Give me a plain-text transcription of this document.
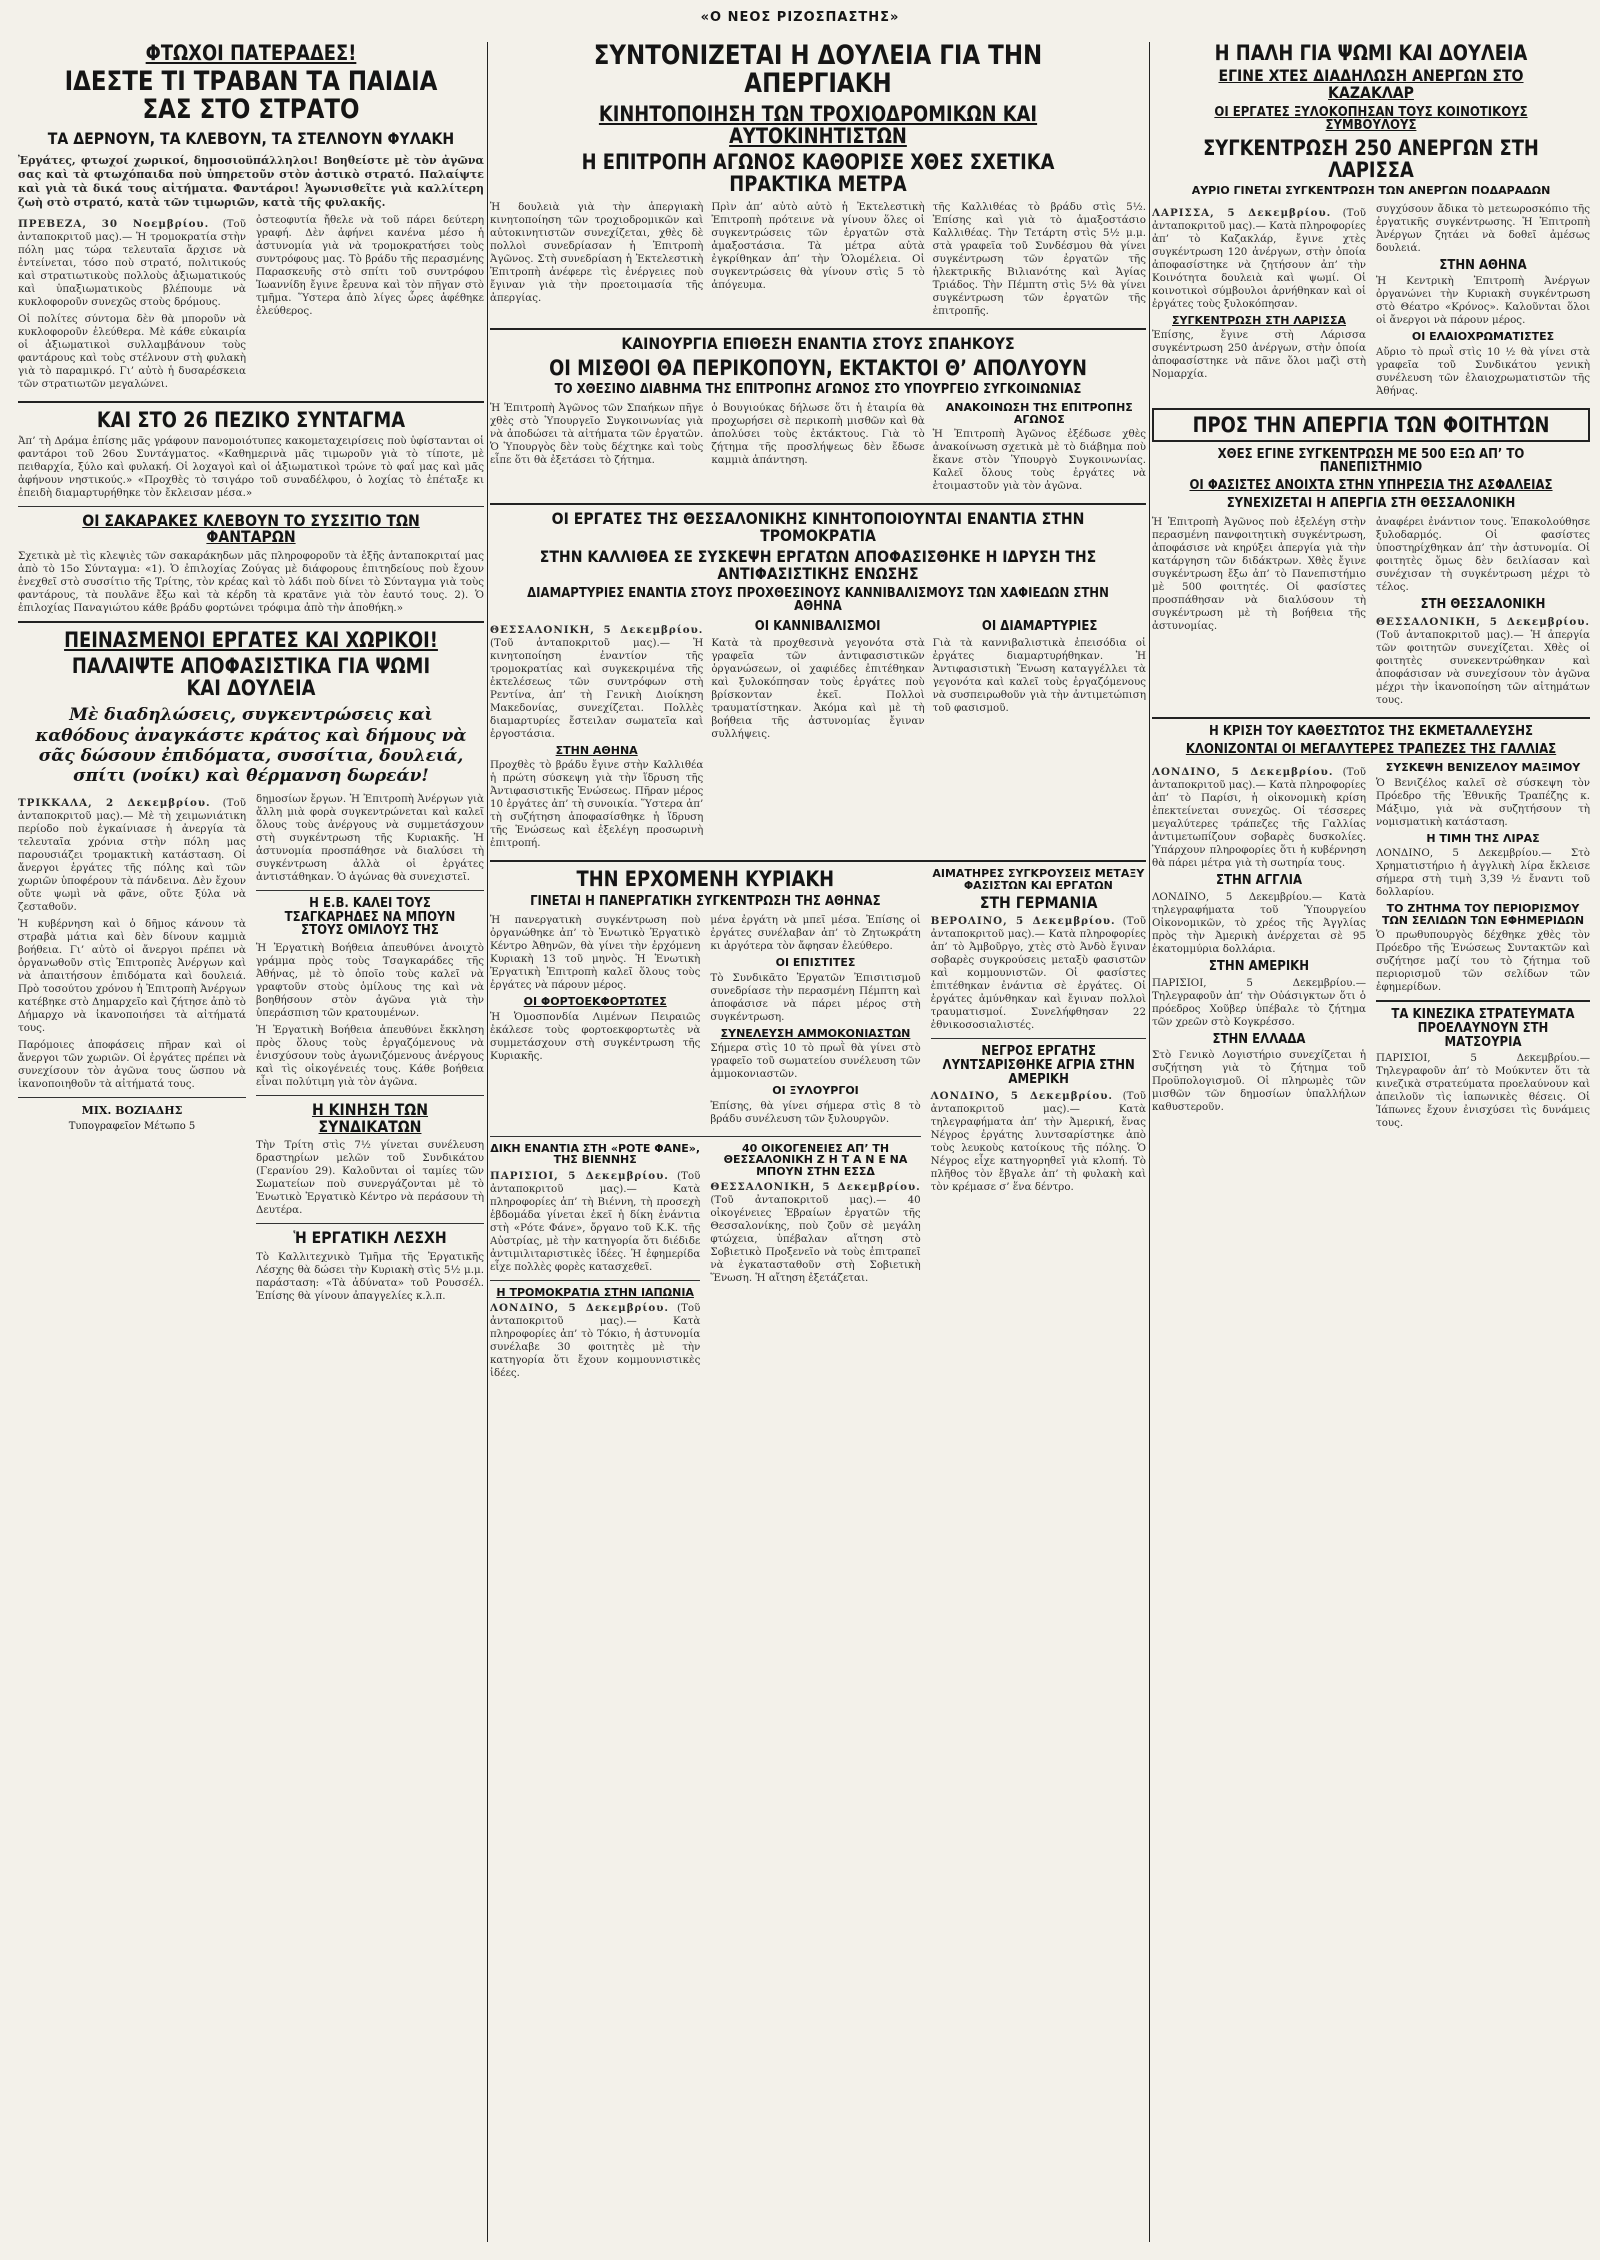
«Ο ΝΕΟΣ ΡΙΖΟΣΠΑΣΤΗΣ»
ΦΤΩΧΟΙ ΠΑΤΕΡΑΔΕΣ!
ΙΔΕΣΤΕ ΤΙ ΤΡΑΒΑΝ ΤΑ ΠΑΙΔΙΑ ΣΑΣ ΣΤΟ ΣΤΡΑΤΟ
ΤΑ ΔΕΡΝΟΥΝ, ΤΑ ΚΛΕΒΟΥΝ, ΤΑ ΣΤΕΛΝΟΥΝ ΦΥΛΑΚΗ

Ἐργάτες, φτωχοί χωρικοί, δημοσιοϋπάλληλοι! Βοηθείστε μὲ τὸν ἀγῶνα σας καὶ τὰ φτωχόπαιδα ποὺ ὑπηρετοῦν στὸν ἀστικὸ στρατό. Παλαίψτε καὶ γιὰ τὰ δικά τους αἰτήματα. Φαντάροι! Ἀγωνισθεῖτε γιὰ καλλίτερη ζωὴ στὸ στρατό, κατὰ τῶν τιμωριῶν, κατὰ τῆς φυλακῆς.

ΠΡΕΒΕΖΑ, 30 Νοεμβρίου. (Τοῦ ἀνταποκριτοῦ μας).— Ἡ τρομοκρατία στὴν πόλη μας τώρα τελευταῖα ἄρχισε νὰ ἐντείνεται, τόσο ποὺ στρατό, πολιτικούς καὶ στρατιωτικοὺς πολλοὺς ἀξιωματικούς καὶ ὑπαξιωματικοὺς βλέπουμε νὰ κυκλοφοροῦν συνεχῶς στοὺς δρόμους.

Οἱ πολίτες σύντομα δὲν θὰ μποροῦν νὰ κυκλοφοροῦν ἐλεύθερα. Μὲ κάθε εὐκαιρία οἱ ἀξιωματικοὶ συλλαμβάνουν τοὺς φαντάρους καὶ τοὺς στέλνουν στὴ φυλακὴ γιὰ τὸ παραμικρό. Γι’ αὐτὸ ἡ δυσαρέσκεια τῶν στρατιωτῶν μεγαλώνει.

ὀστεοφυτία ἤθελε νὰ τοῦ πάρει δεύτερη γραφή. Δὲν ἀφήνει κανένα μέσο ἡ ἀστυνομία γιὰ νὰ τρομοκρατήσει τοὺς συντρόφους μας. Τὸ βράδυ τῆς περασμένης Παρασκευῆς στὸ σπίτι τοῦ συντρόφου Ἰωαννίδη ἔγινε ἔρευνα καὶ τὸν πῆγαν στὸ τμῆμα. Ὕστερα ἀπὸ λίγες ὧρες ἀφέθηκε ἐλεύθερος.

ΚΑΙ ΣΤΟ 26 ΠΕΖΙΚΟ ΣΥΝΤΑΓΜΑ

Ἀπ’ τὴ Δράμα ἐπίσης μᾶς γράφουν πανομοιότυπες κακομεταχειρίσεις ποὺ ὑφίστανται οἱ φαντάροι τοῦ 26ου Συντάγματος. «Καθημερινὰ μᾶς τιμωροῦν γιὰ τὸ τίποτε, μὲ πειθαρχία, ξύλο καὶ φυλακή. Οἱ λοχαγοὶ καὶ οἱ ἀξιωματικοὶ τρώνε τὸ φαΐ μας καὶ μᾶς ἀφήνουν νηστικούς.» «Προχθὲς τὸ τσιγάρο τοῦ συναδέλφου, ὁ λοχίας τὸ ἐπέταξε κι ἐπειδὴ διαμαρτυρήθηκε τὸν ἔκλεισαν μέσα.»

ΟΙ ΣΑΚΑΡΑΚΕΣ ΚΛΕΒΟΥΝ ΤΟ ΣΥΣΣΙΤΙΟ ΤΩΝ ΦΑΝΤΑΡΩΝ

Σχετικὰ μὲ τὶς κλεψιὲς τῶν σακαράκηδων μᾶς πληροφοροῦν τὰ ἑξῆς ἀνταποκριταί μας ἀπὸ τὸ 15ο Σύνταγμα: «1). Ὁ ἐπιλοχίας Ζούγας μὲ διάφορους ἐπιτηδείους ποὺ ἔχουν ἐνεχθεῖ στὸ συσσίτιο τῆς Τρίτης, τὸν κρέας καὶ τὸ λάδι ποὺ δίνει τὸ Σύνταγμα γιὰ τοὺς φαντάρους, τὰ πουλᾶνε ἔξω καὶ τὰ κέρδη τὰ κρατᾶνε γιὰ τὸν ἑαυτό τους. 2). Ὁ ἐπιλοχίας Παναγιώτου κάθε βράδυ φορτώνει τρόφιμα ἀπὸ τὴν ἀποθήκη.»

ΠΕΙΝΑΣΜΕΝΟΙ ΕΡΓΑΤΕΣ ΚΑΙ ΧΩΡΙΚΟΙ!
ΠΑΛΑΙΨΤΕ ΑΠΟΦΑΣΙΣΤΙΚΑ ΓΙΑ ΨΩΜΙ ΚΑΙ ΔΟΥΛΕΙΑ
Μὲ διαδηλώσεις, συγκεντρώσεις καὶ καθόδους ἀναγκάστε κράτος καὶ δήμους νὰ σᾶς δώσουν ἐπιδόματα, συσσίτια, δουλειά, σπίτι (νοίκι) καὶ θέρμανση δωρεάν!

ΤΡΙΚΚΑΛΑ, 2 Δεκεμβρίου. (Τοῦ ἀνταποκριτοῦ μας).— Μὲ τὴ χειμωνιάτικη περίοδο ποὺ ἐγκαίνιασε ἡ ἀνεργία τὰ τελευταῖα χρόνια στὴν πόλη μας παρουσιάζει τρομακτικὴ κατάσταση. Οἱ ἄνεργοι ἐργάτες τῆς πόλης καὶ τῶν χωριῶν ὑποφέρουν τὰ πάνδεινα. Δὲν ἔχουν οὔτε ψωμὶ νὰ φᾶνε, οὔτε ξύλα νὰ ζεσταθοῦν.

Ἡ κυβέρνηση καὶ ὁ δῆμος κάνουν τὰ στραβὰ μάτια καὶ δὲν δίνουν καμμιὰ βοήθεια. Γι’ αὐτὸ οἱ ἄνεργοι πρέπει νὰ ὀργανωθοῦν στὶς Ἐπιτροπὲς Ἀνέργων καὶ νὰ ἀπαιτήσουν ἐπιδόματα καὶ δουλειά. Πρὸ τοσούτου χρόνου ἡ Ἐπιτροπὴ Ἀνέργων κατέβηκε στὸ Δημαρχεῖο καὶ ζήτησε ἀπὸ τὸ Δήμαρχο νὰ ἱκανοποιήσει τὰ αἰτήματά τους.

Παρόμοιες ἀποφάσεις πῆραν καὶ οἱ ἄνεργοι τῶν χωριῶν. Οἱ ἐργάτες πρέπει νὰ συνεχίσουν τὸν ἀγῶνα τους ὥσπου νὰ ἱκανοποιηθοῦν τὰ αἰτήματά τους.

ΜΙΧ. ΒΟΖΙΑΔΗΣ
Τυπογραφεῖον Μέτωπο 5

δημοσίων ἔργων. Ἡ Ἐπιτροπὴ Ἀνέργων γιὰ ἄλλη μιὰ φορὰ συγκεντρώνεται καὶ καλεῖ ὅλους τοὺς ἀνέργους νὰ συμμετάσχουν στὴ συγκέντρωση τῆς Κυριακῆς. Ἡ ἀστυνομία προσπάθησε νὰ διαλύσει τὴ συγκέντρωση ἀλλὰ οἱ ἐργάτες ἀντιστάθηκαν. Ὁ ἀγώνας θὰ συνεχιστεῖ.

Η Ε.Β. ΚΑΛΕΙ ΤΟΥΣ ΤΣΑΓΚΑΡΗΔΕΣ ΝΑ ΜΠΟΥΝ ΣΤΟΥΣ ΟΜΙΛΟΥΣ ΤΗΣ

Ἡ Ἐργατικὴ Βοήθεια ἀπευθύνει ἀνοιχτὸ γράμμα πρὸς τοὺς Τσαγκαράδες τῆς Ἀθήνας, μὲ τὸ ὁποῖο τοὺς καλεῖ νὰ γραφτοῦν στοὺς ὁμίλους της καὶ νὰ βοηθήσουν στὸν ἀγῶνα γιὰ τὴν ὑπεράσπιση τῶν κρατουμένων.

Ἡ Ἐργατικὴ Βοήθεια ἀπευθύνει ἔκκληση πρὸς ὅλους τοὺς ἐργαζόμενους νὰ ἐνισχύσουν τοὺς ἀγωνιζόμενους ἀνέργους καὶ τὶς οἰκογένειές τους. Κάθε βοήθεια εἶναι πολύτιμη γιὰ τὸν ἀγῶνα.

Η ΚΙΝΗΣΗ ΤΩΝ ΣΥΝΔΙΚΑΤΩΝ

Τὴν Τρίτη στὶς 7½ γίνεται συνέλευση δραστηρίων μελῶν τοῦ Συνδικάτου (Γερανίου 29). Καλοῦνται οἱ ταμίες τῶν Σωματείων ποὺ συνεργάζονται μὲ τὸ Ἑνωτικὸ Ἐργατικὸ Κέντρο νὰ περάσουν τὴ Δευτέρα.

Ἡ ΕΡΓΑΤΙΚΗ ΛΕΣΧΗ

Τὸ Καλλιτεχνικὸ Τμῆμα τῆς Ἐργατικῆς Λέσχης θὰ δώσει τὴν Κυριακὴ στὶς 5½ μ.μ. παράσταση: «Τὰ ἀδύνατα» τοῦ Ρουσσέλ. Ἐπίσης θὰ γίνουν ἀπαγγελίες κ.λ.π.

ΣΥΝΤΟΝΙΖΕΤΑΙ Η ΔΟΥΛΕΙΑ ΓΙΑ ΤΗΝ ΑΠΕΡΓΙΑΚΗ
ΚΙΝΗΤΟΠΟΙΗΣΗ ΤΩΝ ΤΡΟΧΙΟΔΡΟΜΙΚΩΝ ΚΑΙ ΑΥΤΟΚΙΝΗΤΙΣΤΩΝ
Η ΕΠΙΤΡΟΠΗ ΑΓΩΝΟΣ ΚΑΘΟΡΙΣΕ ΧΘΕΣ ΣΧΕΤΙΚΑ ΠΡΑΚΤΙΚΑ ΜΕΤΡΑ

Ἡ δουλειὰ γιὰ τὴν ἀπεργιακὴ κινητοποίηση τῶν τροχιοδρομικῶν καὶ αὐτοκινητιστῶν συνεχίζεται, χθὲς δὲ πολλοὶ συνεδρίασαν ἡ Ἐπιτροπὴ Ἀγῶνος. Στὴ συνεδρίαση ἡ Ἐκτελεστικὴ Ἐπιτροπὴ ἀνέφερε τὶς ἐνέργειες ποὺ ἔγιναν γιὰ τὴν προετοιμασία τῆς ἀπεργίας.

Πρὶν ἀπ’ αὐτὸ αὐτὸ ἡ Ἐκτελεστικὴ Ἐπιτροπὴ πρότεινε νὰ γίνουν ὅλες οἱ συγκεντρώσεις τῶν ἐργατῶν στὰ ἀμαξοστάσια. Τὰ μέτρα αὐτὰ ἐγκρίθηκαν ἀπ’ τὴν Ὁλομέλεια. Οἱ συγκεντρώσεις θὰ γίνουν στὶς 5 τὸ ἀπόγευμα.

τῆς Καλλιθέας τὸ βράδυ στὶς 5½. Ἐπίσης καὶ γιὰ τὸ ἀμαξοστάσιο Καλλιθέας. Τὴν Τετάρτη στὶς 5½ μ.μ. στὰ γραφεῖα τοῦ Συνδέσμου θὰ γίνει συγκέντρωση τῶν ἐργατῶν τῆς ἡλεκτρικῆς Βιλιανότης καὶ Ἁγίας Τριάδος. Τὴν Πέμπτη στὶς 5½ θὰ γίνει συγκέντρωση τῶν ἐργατῶν τῆς ἐπιτροπῆς.

ΚΑΙΝΟΥΡΓΙΑ ΕΠΙΘΕΣΗ ΕΝΑΝΤΙΑ ΣΤΟΥΣ ΣΠΑΗΚΟΥΣ
ΟΙ ΜΙΣΘΟΙ ΘΑ ΠΕΡΙΚΟΠΟΥΝ, ΕΚΤΑΚΤΟΙ Θ’ ΑΠΟΛΥΟΥΝ
ΤΟ ΧΘΕΣΙΝΟ ΔΙΑΒΗΜΑ ΤΗΣ ΕΠΙΤΡΟΠΗΣ ΑΓΩΝΟΣ ΣΤΟ ΥΠΟΥΡΓΕΙΟ ΣΥΓΚΟΙΝΩΝΙΑΣ

Ἡ Ἐπιτροπὴ Ἀγῶνος τῶν Σπαήκων πῆγε χθὲς στὸ Ὑπουργεῖο Συγκοινωνίας γιὰ νὰ ἀποδώσει τὰ αἰτήματα τῶν ἐργατῶν. Ὁ Ὑπουργὸς δὲν τοὺς δέχτηκε καὶ τοὺς εἶπε ὅτι θὰ ἐξετάσει τὸ ζήτημα.

ὁ Βουγιούκας δήλωσε ὅτι ἡ ἑταιρία θὰ προχωρήσει σὲ περικοπὴ μισθῶν καὶ θὰ ἀπολύσει τοὺς ἐκτάκτους. Γιὰ τὸ ζήτημα τῆς προσλήψεως δὲν ἔδωσε καμμιὰ ἀπάντηση.

ΑΝΑΚΟΙΝΩΣΗ ΤΗΣ ΕΠΙΤΡΟΠΗΣ ΑΓΩΝΟΣ

Ἡ Ἐπιτροπὴ Ἀγῶνος ἐξέδωσε χθὲς ἀνακοίνωση σχετικὰ μὲ τὸ διάβημα ποὺ ἔκανε στὸν Ὑπουργὸ Συγκοινωνίας. Καλεῖ ὅλους τοὺς ἐργάτες νὰ ἑτοιμαστοῦν γιὰ τὸν ἀγῶνα.

ΟΙ ΕΡΓΑΤΕΣ ΤΗΣ ΘΕΣΣΑΛΟΝΙΚΗΣ ΚΙΝΗΤΟΠΟΙΟΥΝΤΑΙ ΕΝΑΝΤΙΑ ΣΤΗΝ ΤΡΟΜΟΚΡΑΤΙΑ
ΣΤΗΝ ΚΑΛΛΙΘΕΑ ΣΕ ΣΥΣΚΕΨΗ ΕΡΓΑΤΩΝ ΑΠΟΦΑΣΙΣΘΗΚΕ Η ΙΔΡΥΣΗ ΤΗΣ ΑΝΤΙΦΑΣΙΣΤΙΚΗΣ ΕΝΩΣΗΣ
ΔΙΑΜΑΡΤΥΡΙΕΣ ΕΝΑΝΤΙΑ ΣΤΟΥΣ ΠΡΟΧΘΕΣΙΝΟΥΣ ΚΑΝΝΙΒΑΛΙΣΜΟΥΣ ΤΩΝ ΧΑΦΙΕΔΩΝ ΣΤΗΝ ΑΘΗΝΑ

ΘΕΣΣΑΛΟΝΙΚΗ, 5 Δεκεμβρίου. (Τοῦ ἀνταποκριτοῦ μας).— Ἡ κινητοποίηση ἐναντίον τῆς τρομοκρατίας καὶ συγκεκριμένα τῆς ἐκτελέσεως τῶν συντρόφων στὴ Ρεντίνα, ἀπ’ τὴ Γενικὴ Διοίκηση Μακεδονίας, συνεχίζεται. Πολλὲς διαμαρτυρίες ἔστειλαν σωματεῖα καὶ ἐργοστάσια.

ΣΤΗΝ ΑΘΗΝΑ

Προχθὲς τὸ βράδυ ἔγινε στὴν Καλλιθέα ἡ πρώτη σύσκεψη γιὰ τὴν ἵδρυση τῆς Ἀντιφασιστικῆς Ἑνώσεως. Πῆραν μέρος 10 ἐργάτες ἀπ’ τὴ συνοικία. Ὕστερα ἀπ’ τὴ συζήτηση ἀποφασίσθηκε ἡ ἵδρυση τῆς Ἑνώσεως καὶ ἐξελέγη προσωρινὴ ἐπιτροπή.

ΟΙ ΚΑΝΝΙΒΑΛΙΣΜΟΙ

Κατὰ τὰ προχθεσινὰ γεγονότα στὰ γραφεῖα τῶν ἀντιφασιστικῶν ὀργανώσεων, οἱ χαφιέδες ἐπιτέθηκαν καὶ ξυλοκόπησαν τοὺς ἐργάτες ποὺ βρίσκονταν ἐκεῖ. Πολλοὶ τραυματίστηκαν. Ἀκόμα καὶ μὲ τὴ βοήθεια τῆς ἀστυνομίας ἔγιναν συλλήψεις.

ΟΙ ΔΙΑΜΑΡΤΥΡΙΕΣ

Γιὰ τὰ καννιβαλιστικὰ ἐπεισόδια οἱ ἐργάτες διαμαρτυρήθηκαν. Ἡ Ἀντιφασιστικὴ Ἕνωση καταγγέλλει τὰ γεγονότα καὶ καλεῖ τοὺς ἐργαζόμενους νὰ συσπειρωθοῦν γιὰ τὴν ἀντιμετώπιση τοῦ φασισμοῦ.

ΤΗΝ ΕΡΧΟΜΕΝΗ ΚΥΡΙΑΚΗ
ΓΙΝΕΤΑΙ Η ΠΑΝΕΡΓΑΤΙΚΗ ΣΥΓΚΕΝΤΡΩΣΗ ΤΗΣ ΑΘΗΝΑΣ

Ἡ πανεργατικὴ συγκέντρωση ποὺ ὀργανώθηκε ἀπ’ τὸ Ἑνωτικὸ Ἐργατικὸ Κέντρο Ἀθηνῶν, θὰ γίνει τὴν ἐρχόμενη Κυριακὴ 13 τοῦ μηνὸς. Ἡ Ἑνωτικὴ Ἐργατικὴ Ἐπιτροπὴ καλεῖ ὅλους τοὺς ἐργάτες νὰ πάρουν μέρος.

ΟΙ ΦΟΡΤΟΕΚΦΟΡΤΩΤΕΣ

Ἡ Ὁμοσπονδία Λιμένων Πειραιῶς ἐκάλεσε τοὺς φορτοεκφορτωτὲς νὰ συμμετάσχουν στὴ συγκέντρωση τῆς Κυριακῆς.

μένα ἐργάτη νὰ μπεῖ μέσα. Ἐπίσης οἱ ἐργάτες συνέλαβαν ἀπ’ τὸ Ζητωκράτη κι ἀργότερα τὸν ἄφησαν ἐλεύθερο.

ΟΙ ΕΠΙΣΤΙΤΕΣ

Τὸ Συνδικᾶτο Ἐργατῶν Ἐπισιτισμοῦ συνεδρίασε τὴν περασμένη Πέμπτη καὶ ἀποφάσισε νὰ πάρει μέρος στὴ συγκέντρωση.

ΣΥΝΕΛΕΥΣΗ ΑΜΜΟΚΟΝΙΑΣΤΩΝ

Σήμερα στὶς 10 τὸ πρωῒ θὰ γίνει στὸ γραφεῖο τοῦ σωματείου συνέλευση τῶν ἀμμοκονιαστῶν.

ΟΙ ΞΥΛΟΥΡΓΟΙ

Ἐπίσης, θὰ γίνει σήμερα στὶς 8 τὸ βράδυ συνέλευση τῶν ξυλουργῶν.

ΔΙΚΗ ΕΝΑΝΤΙΑ ΣΤΗ «ΡΟΤΕ ΦΑΝΕ», ΤΗΣ ΒΙΕΝΝΗΣ

ΠΑΡΙΣΙΟΙ, 5 Δεκεμβρίου. (Τοῦ ἀνταποκριτοῦ μας).— Κατὰ πληροφορίες ἀπ’ τὴ Βιέννη, τὴ προσεχὴ ἑβδομάδα γίνεται ἐκεῖ ἡ δίκη ἐνάντια στὴ «Ρότε Φάνε», ὄργανο τοῦ Κ.Κ. τῆς Αὐστρίας, μὲ τὴν κατηγορία ὅτι διέδιδε ἀντιμιλιταριστικὲς ἰδέες. Ἡ ἐφημερίδα εἶχε πολλὲς φορὲς κατασχεθεῖ.

Η ΤΡΟΜΟΚΡΑΤΙΑ ΣΤΗΝ ΙΑΠΩΝΙΑ

ΛΟΝΔΙΝΟ, 5 Δεκεμβρίου. (Τοῦ ἀνταποκριτοῦ μας).— Κατὰ πληροφορίες ἀπ’ τὸ Τόκιο, ἡ ἀστυνομία συνέλαβε 30 φοιτητὲς μὲ τὴν κατηγορία ὅτι ἔχουν κομμουνιστικὲς ἰδέες.

40 ΟΙΚΟΓΕΝΕΙΕΣ ΑΠ’ ΤΗ ΘΕΣΣΑΛΟΝΙΚΗ Ζ Η Τ Α Ν Ε ΝΑ ΜΠΟΥΝ ΣΤΗΝ ΕΣΣΔ

ΘΕΣΣΑΛΟΝΙΚΗ, 5 Δεκεμβρίου. (Τοῦ ἀνταποκριτοῦ μας).— 40 οἰκογένειες Ἑβραίων ἐργατῶν τῆς Θεσσαλονίκης, ποὺ ζοῦν σὲ μεγάλη φτώχεια, ὑπέβαλαν αἴτηση στὸ Σοβιετικὸ Προξενεῖο νὰ τοὺς ἐπιτραπεῖ νὰ ἐγκατασταθοῦν στὴ Σοβιετικὴ Ἕνωση. Ἡ αἴτηση ἐξετάζεται.

ΑΙΜΑΤΗΡΕΣ ΣΥΓΚΡΟΥΣΕΙΣ ΜΕΤΑΞΥ ΦΑΣΙΣΤΩΝ ΚΑΙ ΕΡΓΑΤΩΝ
ΣΤΗ ΓΕΡΜΑΝΙΑ

ΒΕΡΟΛΙΝΟ, 5 Δεκεμβρίου. (Τοῦ ἀνταποκριτοῦ μας).— Κατὰ πληροφορίες ἀπ’ τὸ Ἀμβοῦργο, χτὲς στὸ Ἀνδὸ ἔγιναν σοβαρὲς συγκρούσεις μεταξὺ φασιστῶν καὶ κομμουνιστῶν. Οἱ φασίστες ἐπιτέθηκαν ἐνάντια σὲ ἐργάτες. Οἱ ἐργάτες ἀμύνθηκαν καὶ ἔγιναν πολλοὶ τραυματισμοί. Συνελήφθησαν 22 ἐθνικοσοσιαλιστές.

ΝΕΓΡΟΣ ΕΡΓΑΤΗΣ ΛΥΝΤΣΑΡΙΣΘΗΚΕ ΑΓΡΙΑ ΣΤΗΝ ΑΜΕΡΙΚΗ

ΛΟΝΔΙΝΟ, 5 Δεκεμβρίου. (Τοῦ ἀνταποκριτοῦ μας).— Κατὰ τηλεγραφήματα ἀπ’ τὴν Ἀμερική, ἕνας Νέγρος ἐργάτης λυντσαρίστηκε ἀπὸ τοὺς λευκοὺς κατοίκους τῆς πόλης. Ὁ Νέγρος εἶχε κατηγορηθεῖ γιὰ κλοπή. Τὸ πλῆθος τὸν ἔβγαλε ἀπ’ τὴ φυλακὴ καὶ τὸν κρέμασε σ’ ἕνα δέντρο.

Η ΠΑΛΗ ΓΙΑ ΨΩΜΙ ΚΑΙ ΔΟΥΛΕΙΑ
ΕΓΙΝΕ ΧΤΕΣ ΔΙΑΔΗΛΩΣΗ ΑΝΕΡΓΩΝ ΣΤΟ ΚΑΖΑΚΛΑΡ
ΟΙ ΕΡΓΑΤΕΣ ΞΥΛΟΚΟΠΗΣΑΝ ΤΟΥΣ ΚΟΙΝΟΤΙΚΟΥΣ ΣΥΜΒΟΥΛΟΥΣ
ΣΥΓΚΕΝΤΡΩΣΗ 250 ΑΝΕΡΓΩΝ ΣΤΗ ΛΑΡΙΣΣΑ
ΑΥΡΙΟ ΓΙΝΕΤΑΙ ΣΥΓΚΕΝΤΡΩΣΗ ΤΩΝ ΑΝΕΡΓΩΝ ΠΟΔΑΡΑΔΩΝ

ΛΑΡΙΣΣΑ, 5 Δεκεμβρίου. (Τοῦ ἀνταποκριτοῦ μας).— Κατὰ πληροφορίες ἀπ’ τὸ Καζακλάρ, ἔγινε χτὲς συγκέντρωση 120 ἀνέργων, στὴν ὁποία ἀποφασίστηκε νὰ ζητήσουν ἀπ’ τὴν Κοινότητα δουλειὰ καὶ ψωμί. Οἱ κοινοτικοὶ σύμβουλοι ἀρνήθηκαν καὶ οἱ ἐργάτες τοὺς ξυλοκόπησαν.

ΣΥΓΚΕΝΤΡΩΣΗ ΣΤΗ ΛΑΡΙΣΣΑ

Ἐπίσης, ἔγινε στὴ Λάρισσα συγκέντρωση 250 ἀνέργων, στὴν ὁποία ἀποφασίστηκε νὰ πᾶνε ὅλοι μαζὶ στὴ Νομαρχία.

συγχύσουν ἄδικα τὸ μετεωροσκόπιο τῆς ἐργατικῆς συγκέντρωσης. Ἡ Ἐπιτροπὴ Ἀνέργων ζητάει νὰ δοθεῖ ἀμέσως δουλειά.

ΣΤΗΝ ΑΘΗΝΑ

Ἡ Κεντρικὴ Ἐπιτροπὴ Ἀνέργων ὀργανώνει τὴν Κυριακὴ συγκέντρωση στὸ Θέατρο «Κρόνος». Καλοῦνται ὅλοι οἱ ἄνεργοι νὰ πάρουν μέρος.

ΟΙ ΕΛΑΙΟΧΡΩΜΑΤΙΣΤΕΣ

Αὔριο τὸ πρωῒ στὶς 10 ½ θὰ γίνει στὰ γραφεῖα τοῦ Συνδικάτου γενικὴ συνέλευση τῶν ἐλαιοχρωματιστῶν τῆς Ἀθήνας.

ΠΡΟΣ ΤΗΝ ΑΠΕΡΓΙΑ ΤΩΝ ΦΟΙΤΗΤΩΝ
ΧΘΕΣ ΕΓΙΝΕ ΣΥΓΚΕΝΤΡΩΣΗ ΜΕ 500 ΕΞΩ ΑΠ’ ΤΟ ΠΑΝΕΠΙΣΤΗΜΙΟ
ΟΙ ΦΑΣΙΣΤΕΣ ΑΝΟΙΧΤΑ ΣΤΗΝ ΥΠΗΡΕΣΙΑ ΤΗΣ ΑΣΦΑΛΕΙΑΣ
ΣΥΝΕΧΙΖΕΤΑΙ Η ΑΠΕΡΓΙΑ ΣΤΗ ΘΕΣΣΑΛΟΝΙΚΗ

Ἡ Ἐπιτροπὴ Ἀγῶνος ποὺ ἐξελέγη στὴν περασμένη πανφοιτητικὴ συγκέντρωση, ἀποφάσισε νὰ κηρύξει ἀπεργία γιὰ τὴν κατάργηση τῶν διδάκτρων. Χθὲς ἔγινε συγκέντρωση ἔξω ἀπ’ τὸ Πανεπιστήμιο μὲ 500 φοιτητές. Οἱ φασίστες προσπάθησαν νὰ διαλύσουν τὴ συγκέντρωση μὲ τὴ βοήθεια τῆς ἀστυνομίας.

ἀναφέρει ἐνάντιον τους. Ἐπακολούθησε ξυλοδαρμός. Οἱ φασίστες ὑποστηρίχθηκαν ἀπ’ τὴν ἀστυνομία. Οἱ φοιτητὲς ὅμως δὲν δειλίασαν καὶ συνέχισαν τὴ συγκέντρωση μέχρι τὸ τέλος.

ΣΤΗ ΘΕΣΣΑΛΟΝΙΚΗ

ΘΕΣΣΑΛΟΝΙΚΗ, 5 Δεκεμβρίου. (Τοῦ ἀνταποκριτοῦ μας).— Ἡ ἀπεργία τῶν φοιτητῶν συνεχίζεται. Χθὲς οἱ φοιτητὲς συνεκεντρώθηκαν καὶ ἀποφάσισαν νὰ συνεχίσουν τὸν ἀγῶνα μέχρι τὴν ἱκανοποίηση τῶν αἰτημάτων τους.

Η ΚΡΙΣΗ ΤΟΥ ΚΑΘΕΣΤΩΤΟΣ ΤΗΣ ΕΚΜΕΤΑΛΛΕΥΣΗΣ
ΚΛΟΝΙΖΟΝΤΑΙ ΟΙ ΜΕΓΑΛΥΤΕΡΕΣ ΤΡΑΠΕΖΕΣ ΤΗΣ ΓΑΛΛΙΑΣ

ΛΟΝΔΙΝΟ, 5 Δεκεμβρίου. (Τοῦ ἀνταποκριτοῦ μας).— Κατὰ πληροφορίες ἀπ’ τὸ Παρίσι, ἡ οἰκονομικὴ κρίση ἐπεκτείνεται συνεχῶς. Οἱ τέσσερες μεγαλύτερες τράπεζες τῆς Γαλλίας ἀντιμετωπίζουν σοβαρὲς δυσκολίες. Ὑπάρχουν πληροφορίες ὅτι ἡ κυβέρνηση θὰ πάρει μέτρα γιὰ τὴ σωτηρία τους.

ΣΤΗΝ ΑΓΓΛΙΑ

ΛΟΝΔΙΝΟ, 5 Δεκεμβρίου.— Κατὰ τηλεγραφήματα τοῦ Ὑπουργείου Οἰκονομικῶν, τὸ χρέος τῆς Ἀγγλίας πρὸς τὴν Ἀμερικὴ ἀνέρχεται σὲ 95 ἑκατομμύρια δολλάρια.

ΣΤΗΝ ΑΜΕΡΙΚΗ

ΠΑΡΙΣΙΟΙ, 5 Δεκεμβρίου.— Τηλεγραφοῦν ἀπ’ τὴν Οὐάσιγκτων ὅτι ὁ πρόεδρος Χοῦβερ ὑπέβαλε τὸ ζήτημα τῶν χρεῶν στὸ Κογκρέσσο.

ΣΤΗΝ ΕΛΛΑΔΑ

Στὸ Γενικὸ Λογιστήριο συνεχίζεται ἡ συζήτηση γιὰ τὸ ζήτημα τοῦ Προϋπολογισμοῦ. Οἱ πληρωμὲς τῶν μισθῶν τῶν δημοσίων ὑπαλλήλων καθυστεροῦν.

ΣΥΣΚΕΨΗ ΒΕΝΙΖΕΛΟΥ ΜΑΞΙΜΟΥ

Ὁ Βενιζέλος καλεῖ σὲ σύσκεψη τὸν Πρόεδρο τῆς Ἐθνικῆς Τραπέζης κ. Μάξιμο, γιὰ νὰ συζητήσουν τὴ νομισματικὴ κατάσταση.

Η ΤΙΜΗ ΤΗΣ ΛΙΡΑΣ

ΛΟΝΔΙΝΟ, 5 Δεκεμβρίου.— Στὸ Χρηματιστήριο ἡ ἀγγλικὴ λίρα ἔκλεισε σήμερα στὴ τιμὴ 3,39 ½ ἔναντι τοῦ δολλαρίου.

ΤΟ ΖΗΤΗΜΑ ΤΟΥ ΠΕΡΙΟΡΙΣΜΟΥ ΤΩΝ ΣΕΛΙΔΩΝ ΤΩΝ ΕΦΗΜΕΡΙΔΩΝ

Ὁ πρωθυπουργὸς δέχθηκε χθὲς τὸν Πρόεδρο τῆς Ἑνώσεως Συντακτῶν καὶ συζήτησε μαζί του τὸ ζήτημα τοῦ περιορισμοῦ τῶν σελίδων τῶν ἐφημερίδων.

ΤΑ ΚΙΝΕΖΙΚΑ ΣΤΡΑΤΕΥΜΑΤΑ ΠΡΟΕΛΑΥΝΟΥΝ ΣΤΗ ΜΑΤΣΟΥΡΙΑ

ΠΑΡΙΣΙΟΙ, 5 Δεκεμβρίου.— Τηλεγραφοῦν ἀπ’ τὸ Μούκντεν ὅτι τὰ κινεζικὰ στρατεύματα προελαύνουν καὶ ἀπειλοῦν τὶς ἰαπωνικὲς θέσεις. Οἱ Ἰάπωνες ἔχουν ἐνισχύσει τὶς δυνάμεις τους.
